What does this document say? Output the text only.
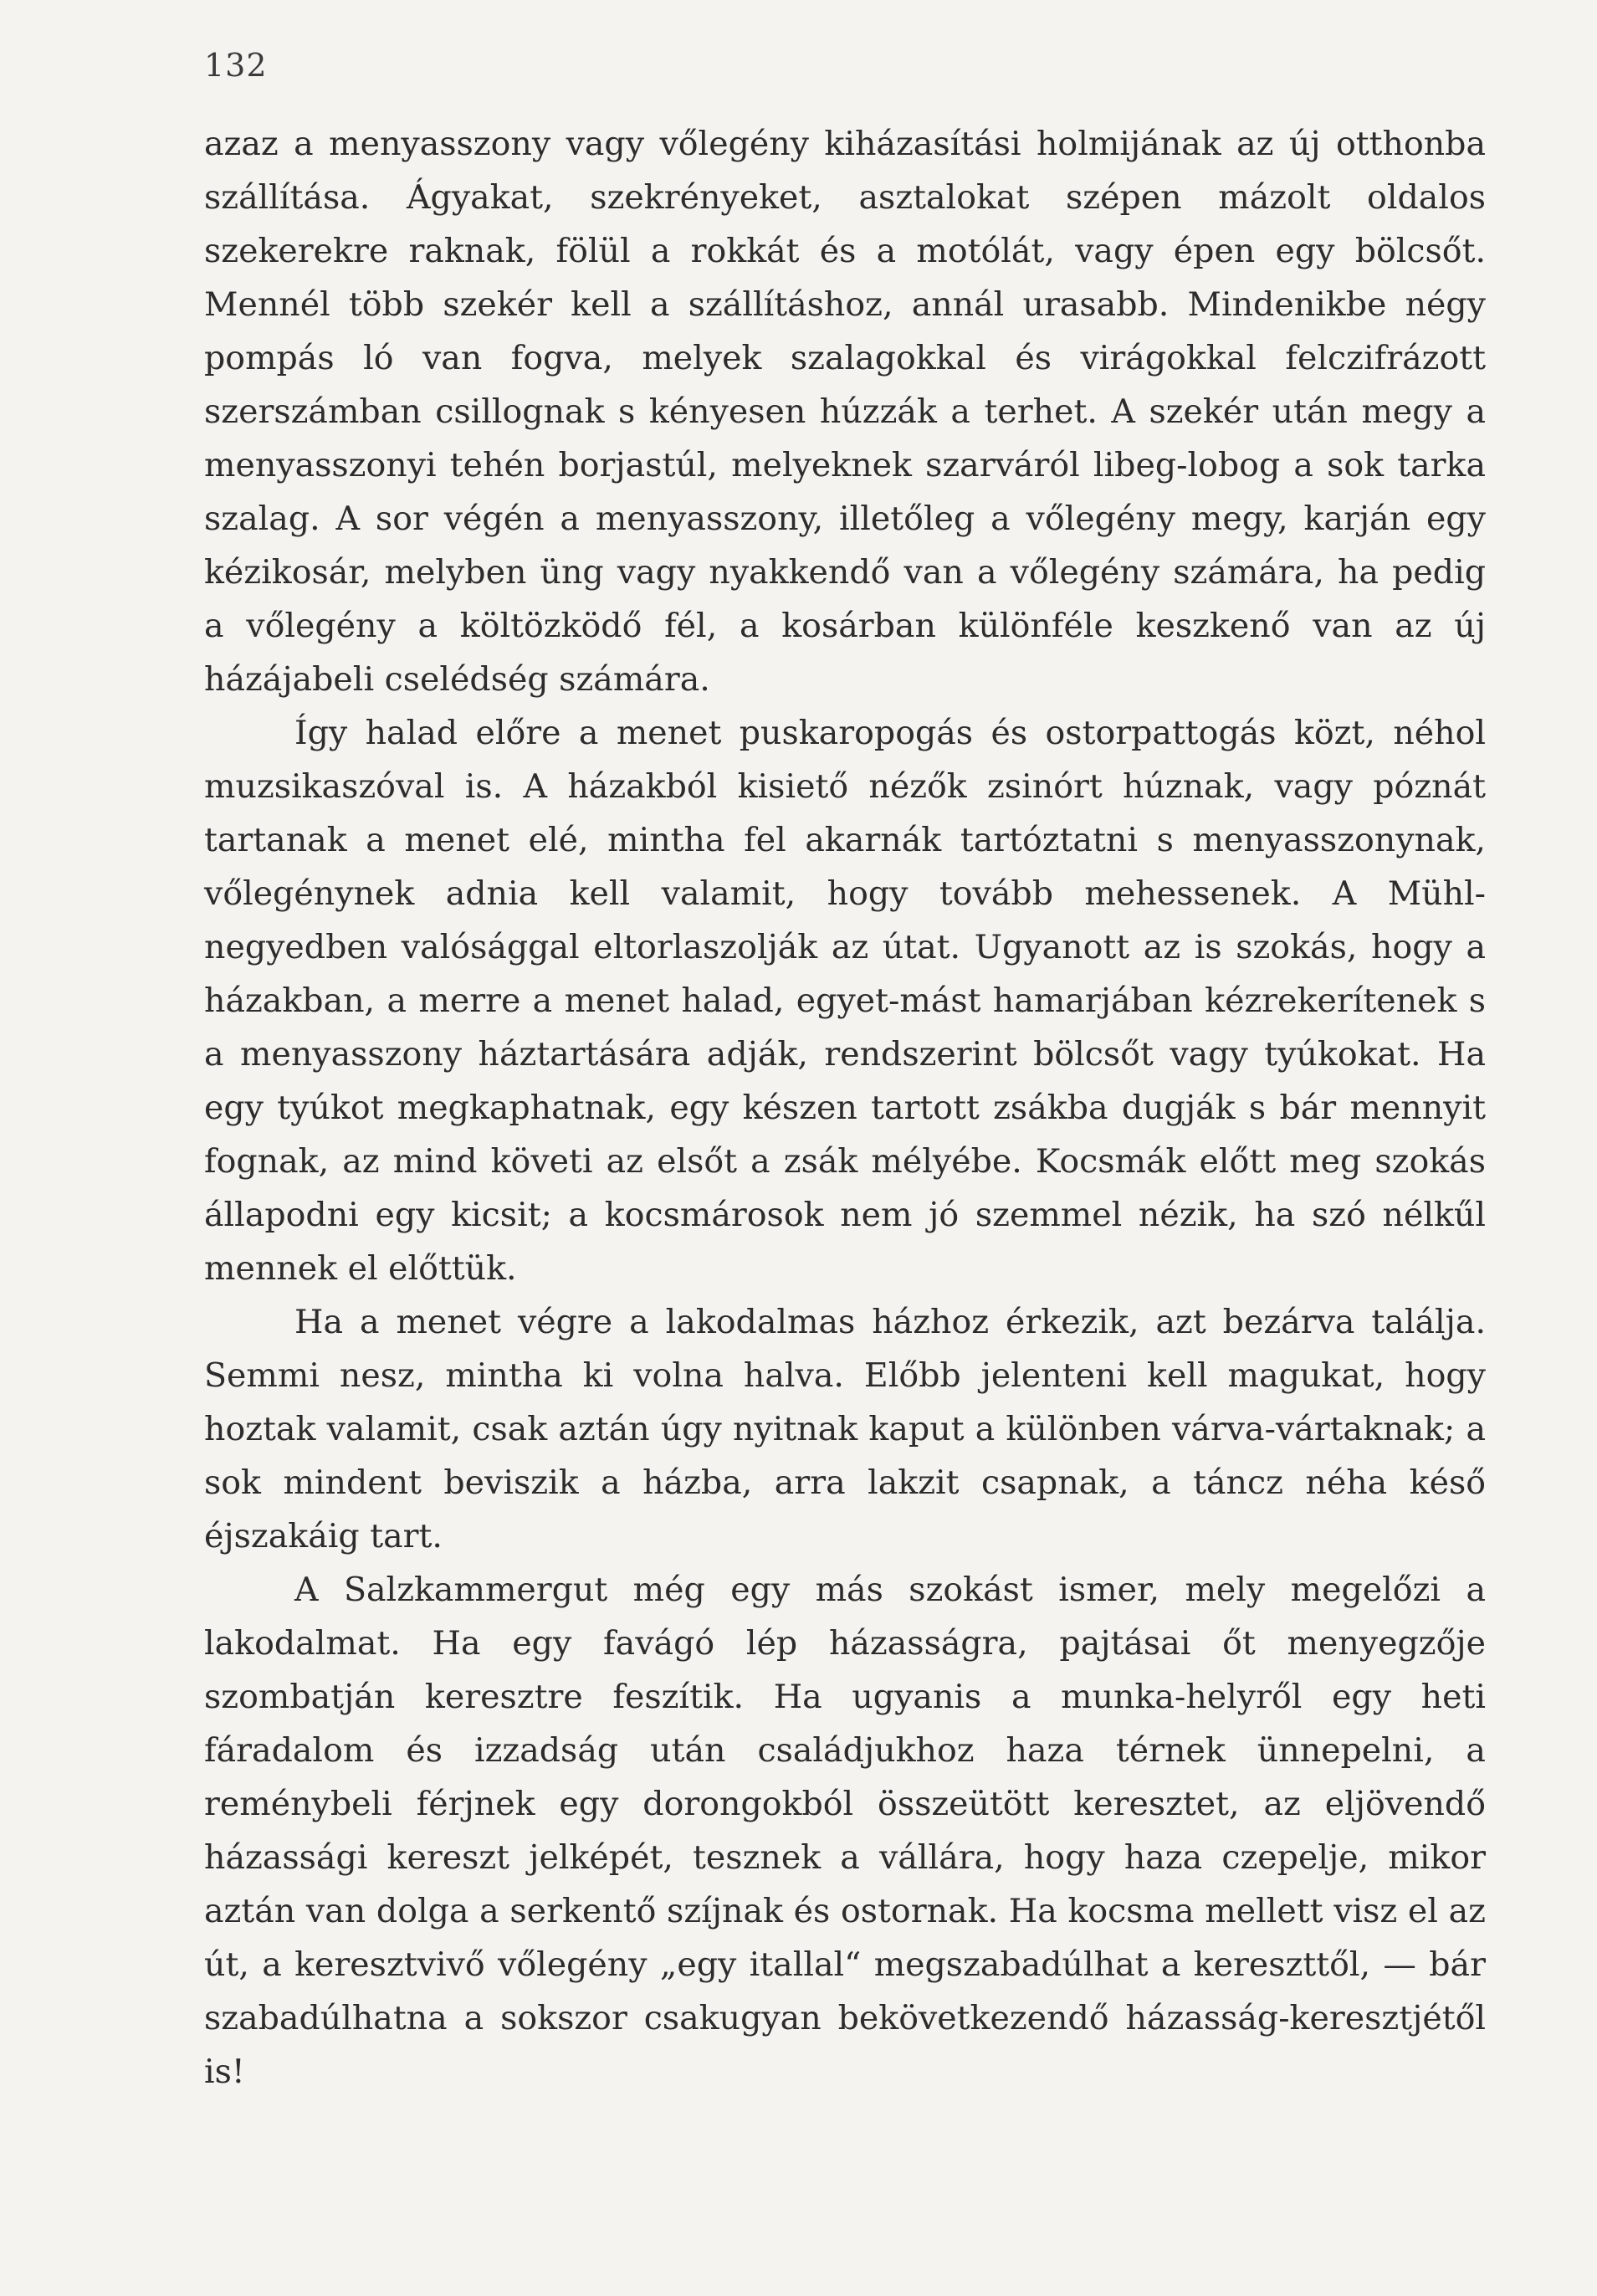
132

azaz a menyasszony vagy vőlegény kiházasítási holmijának az új otthonba szállítása. Ágyakat, szekrényeket, asztalokat szépen mázolt oldalos szekerekre raknak, fölül a rokkát és a motólát, vagy épen egy bölcsőt. Mennél több szekér kell a szállításhoz, annál urasabb. Mindenikbe négy pompás ló van fogva, melyek szalagokkal és virágokkal felczifrázott szerszámban csillognak s kényesen húzzák a terhet. A szekér után megy a menyasszonyi tehén borjastúl, melyeknek szarváról libeg-lobog a sok tarka szalag. A sor végén a menyasszony, illetőleg a vőlegény megy, karján egy kézikosár, melyben üng vagy nyakkendő van a vőlegény számára, ha pedig a vőlegény a költözködő fél, a kosárban különféle keszkenő van az új házájabeli cselédség számára.

Így halad előre a menet puskaropogás és ostorpattogás közt, néhol muzsikaszóval is. A házakból kisiető nézők zsinórt húznak, vagy póznát tartanak a menet elé, mintha fel akarnák tartóztatni s menyasszonynak, vőlegénynek adnia kell valamit, hogy tovább mehessenek. A Mühl-negyedben valósággal eltorlaszolják az útat. Ugyanott az is szokás, hogy a házakban, a merre a menet halad, egyet-mást hamarjában kézrekerítenek s a menyasszony háztartására adják, rendszerint bölcsőt vagy tyúkokat. Ha egy tyúkot megkaphatnak, egy készen tartott zsákba dugják s bár mennyit fognak, az mind követi az elsőt a zsák mélyébe. Kocsmák előtt meg szokás állapodni egy kicsit; a kocsmárosok nem jó szemmel nézik, ha szó nélkűl mennek el előttük.

Ha a menet végre a lakodalmas házhoz érkezik, azt bezárva találja. Semmi nesz, mintha ki volna halva. Előbb jelenteni kell magukat, hogy hoztak valamit, csak aztán úgy nyitnak kaput a különben várva-vártaknak; a sok mindent beviszik a házba, arra lakzit csapnak, a táncz néha késő éjszakáig tart.

A Salzkammergut még egy más szokást ismer, mely megelőzi a lakodalmat. Ha egy favágó lép házasságra, pajtásai őt menyegzője szombatján keresztre feszítik. Ha ugyanis a munka-helyről egy heti fáradalom és izzadság után családjukhoz haza térnek ünnepelni, a reménybeli férjnek egy dorongokból összeütött keresztet, az eljövendő házassági kereszt jelképét, tesznek a vállára, hogy haza czepelje, mikor aztán van dolga a serkentő szíjnak és ostornak. Ha kocsma mellett visz el az út, a keresztvivő vőlegény „egy itallal“ megszabadúlhat a kereszttől, — bár szabadúlhatna a sokszor csakugyan bekövetkezendő házasság-keresztjétől is!
